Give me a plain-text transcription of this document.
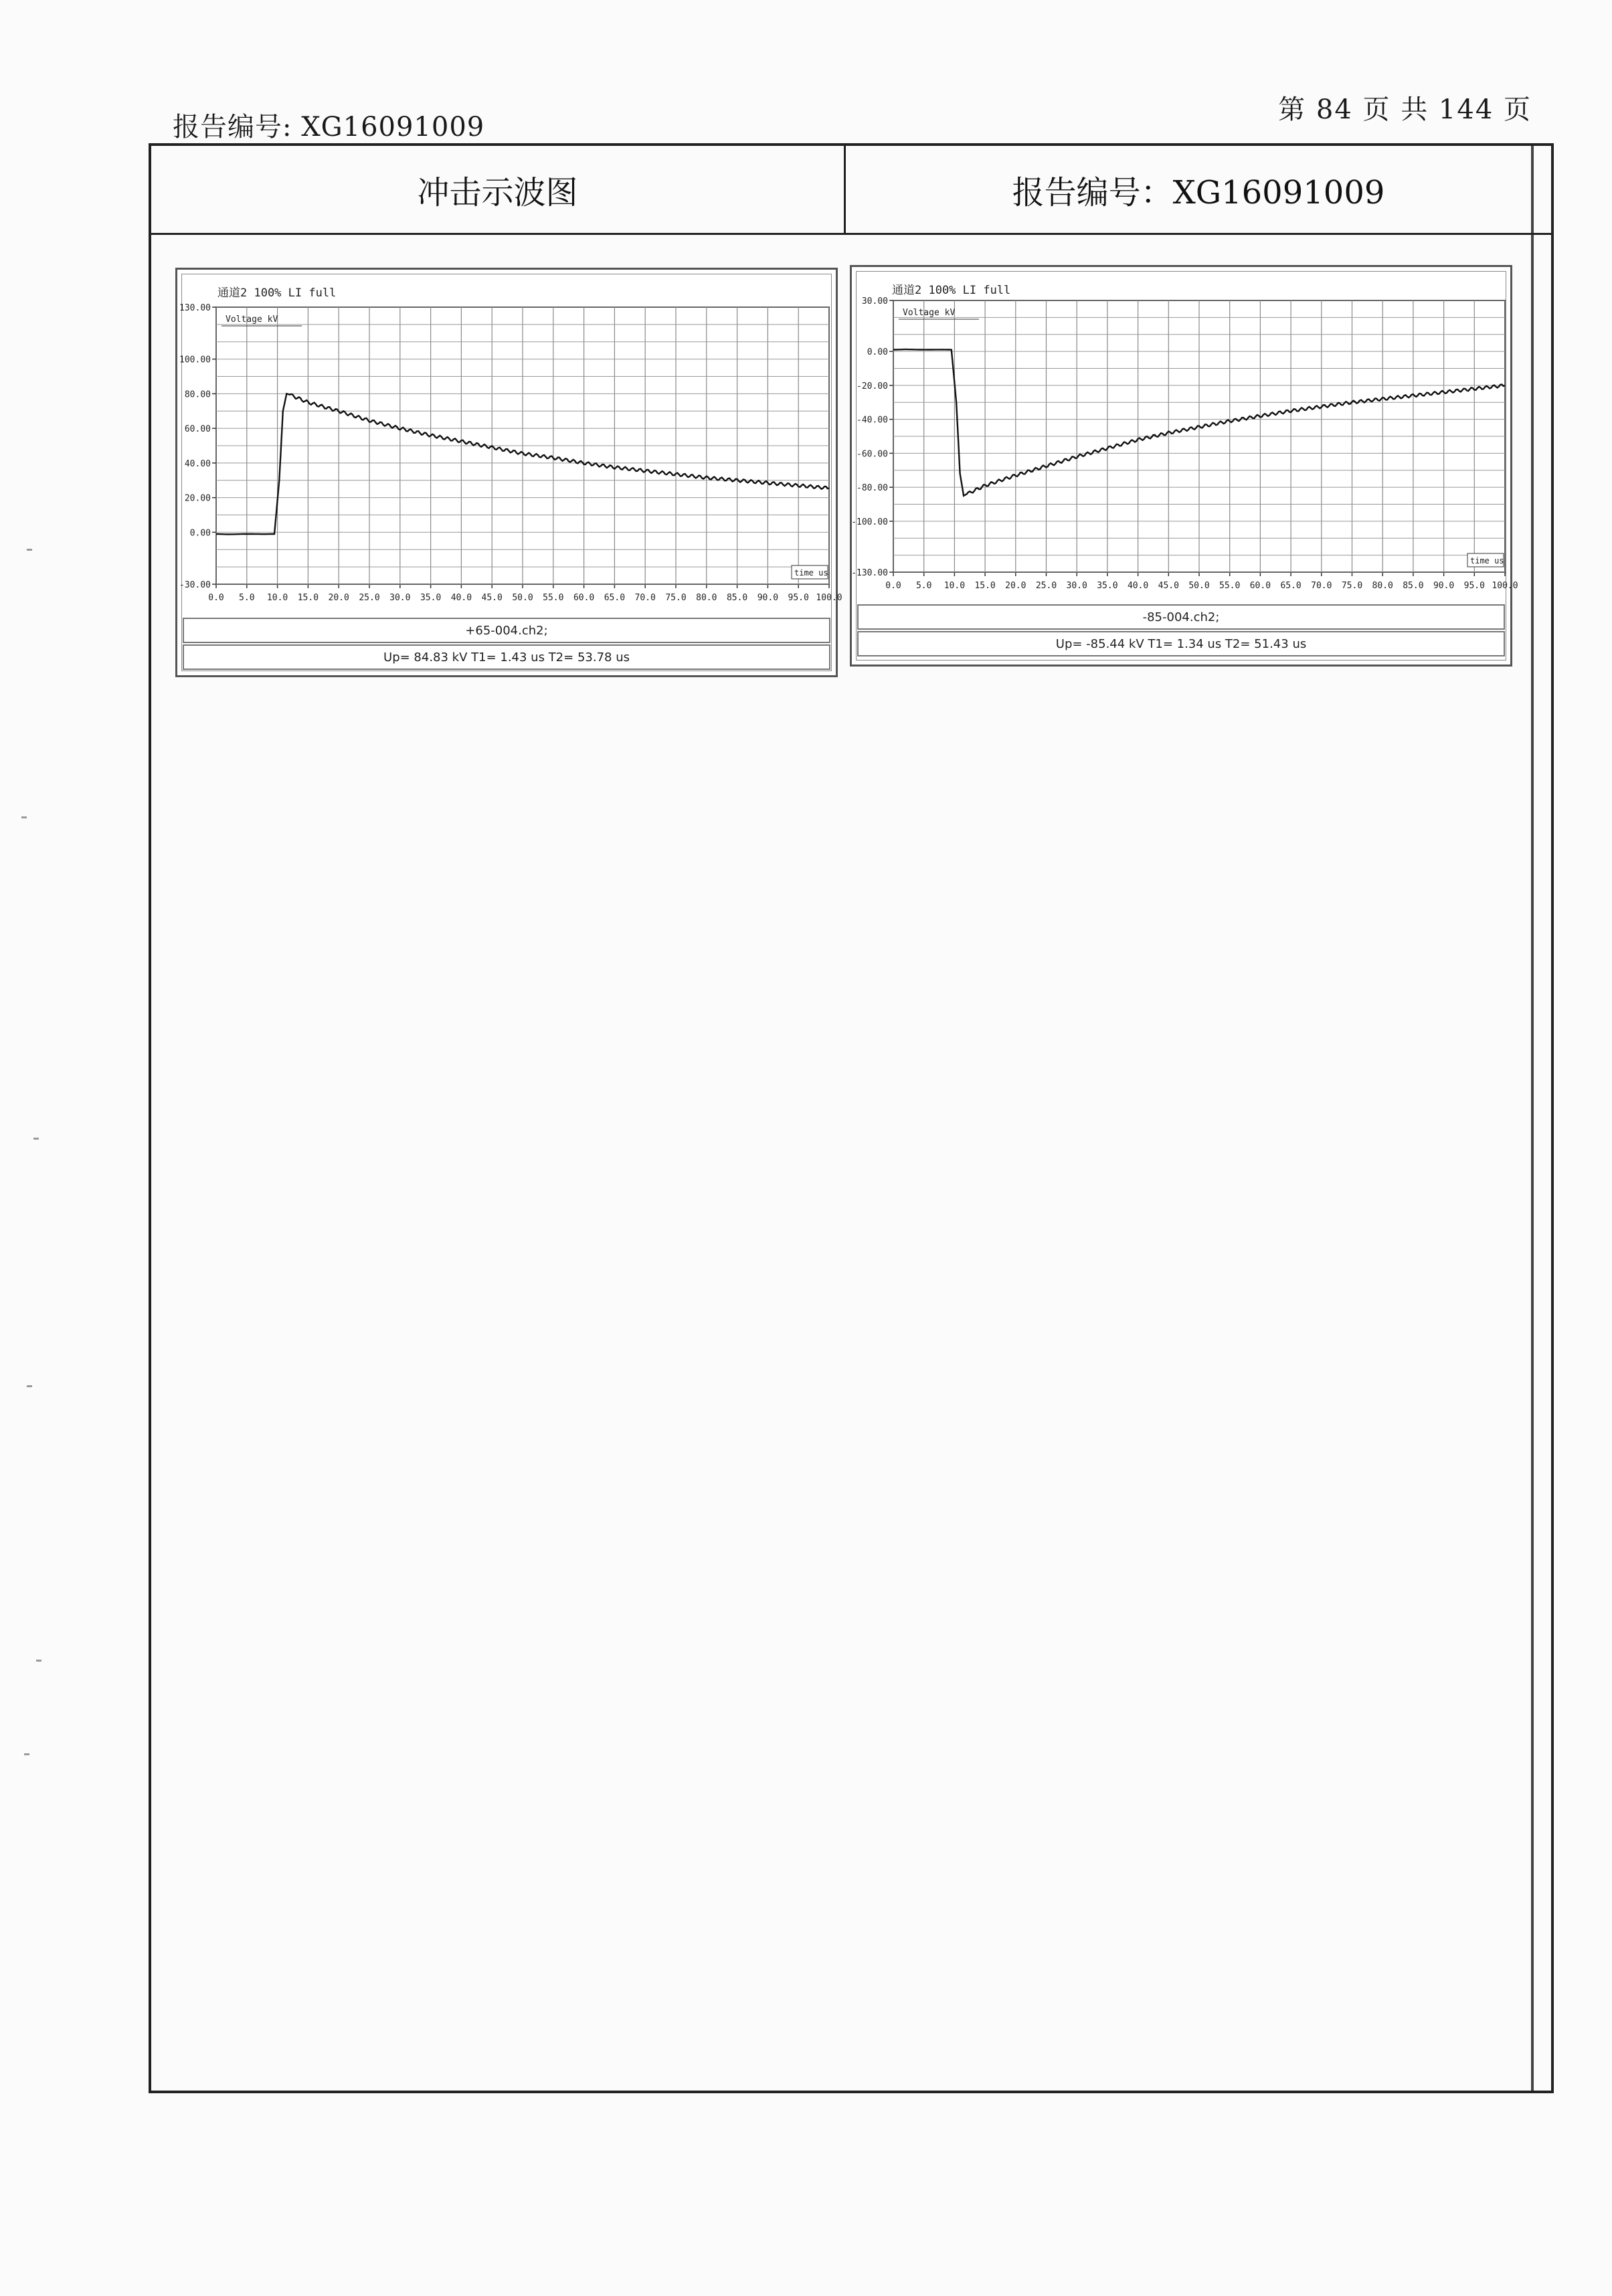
报告编号: XG16091009
第 84 页 共 144 页
冲击示波图	报告编号：XG16091009
通道2 100% LI full
0.0 5.0 10.0 15.0 20.0 25.0 30.0 35.0 40.0 45.0 50.0 55.0 60.0 65.0 70.0 75.0 80.0 85.0 90.0 95.0 100.0
130.00
100.00
80.00
60.00
40.00
20.00
0.00
-30.00
Voltage kV
time us
+65-004.ch2;
Up= 84.83 kV T1= 1.43 us T2= 53.78 us
通道2 100% LI full
0.0 5.0 10.0 15.0 20.0 25.0 30.0 35.0 40.0 45.0 50.0 55.0 60.0 65.0 70.0 75.0 80.0 85.0 90.0 95.0 100.0
30.00
0.00
-20.00
-40.00
-60.00
-80.00
-100.00
-130.00
Voltage kV
time us
-85-004.ch2;
Up= -85.44 kV T1= 1.34 us T2= 51.43 us
